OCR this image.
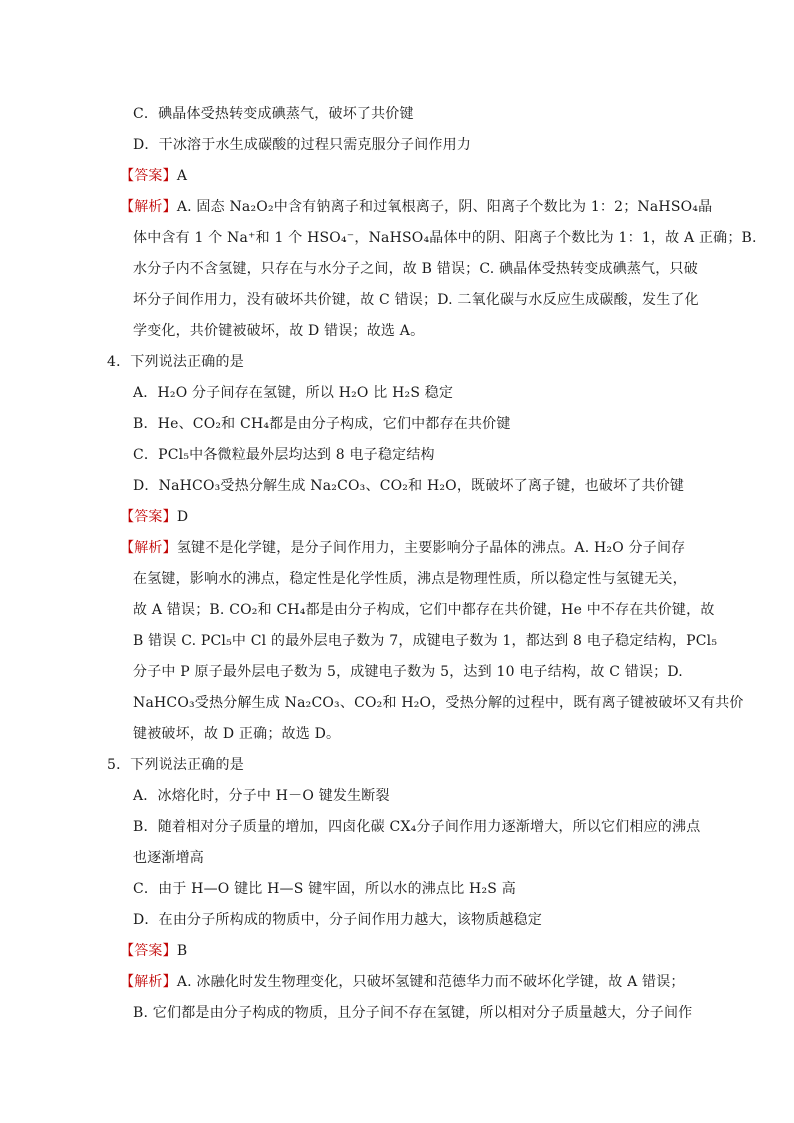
C．碘晶体受热转变成碘蒸气，破坏了共价键
D．干冰溶于水生成碳酸的过程只需克服分子间作用力
【答案】A
【解析】A. 固态 Na₂O₂中含有钠离子和过氧根离子，阴、阳离子个数比为 1：2；NaHSO₄晶
体中含有 1 个 Na⁺和 1 个 HSO₄⁻，NaHSO₄晶体中的阴、阳离子个数比为 1：1，故 A 正确；B.
水分子内不含氢键，只存在与水分子之间，故 B 错误；C. 碘晶体受热转变成碘蒸气，只破
坏分子间作用力，没有破坏共价键，故 C 错误；D. 二氧化碳与水反应生成碳酸，发生了化
学变化，共价键被破坏，故 D 错误；故选 A。
4．下列说法正确的是
A．H₂O 分子间存在氢键，所以 H₂O 比 H₂S 稳定
B．He、CO₂和 CH₄都是由分子构成，它们中都存在共价键
C．PCl₅中各微粒最外层均达到 8 电子稳定结构
D．NaHCO₃受热分解生成 Na₂CO₃、CO₂和 H₂O，既破坏了离子键，也破坏了共价键
【答案】D
【解析】氢键不是化学键，是分子间作用力，主要影响分子晶体的沸点。A. H₂O 分子间存
在氢键，影响水的沸点，稳定性是化学性质，沸点是物理性质，所以稳定性与氢键无关，
故 A 错误；B. CO₂和 CH₄都是由分子构成，它们中都存在共价键，He 中不存在共价键，故
B 错误 C. PCl₅中 Cl 的最外层电子数为 7，成键电子数为 1，都达到 8 电子稳定结构，PCl₅
分子中 P 原子最外层电子数为 5，成键电子数为 5，达到 10 电子结构，故 C 错误；D.
NaHCO₃受热分解生成 Na₂CO₃、CO₂和 H₂O，受热分解的过程中，既有离子键被破坏又有共价
键被破坏，故 D 正确；故选 D。
5．下列说法正确的是
A．冰熔化时，分子中 H－O 键发生断裂
B．随着相对分子质量的增加，四卤化碳 CX₄分子间作用力逐渐增大，所以它们相应的沸点
也逐渐增高
C．由于 H—O 键比 H—S 键牢固，所以水的沸点比 H₂S 高
D．在由分子所构成的物质中，分子间作用力越大，该物质越稳定
【答案】B
【解析】A. 冰融化时发生物理变化，只破坏氢键和范德华力而不破坏化学键，故 A 错误；
B. 它们都是由分子构成的物质，且分子间不存在氢键，所以相对分子质量越大，分子间作
